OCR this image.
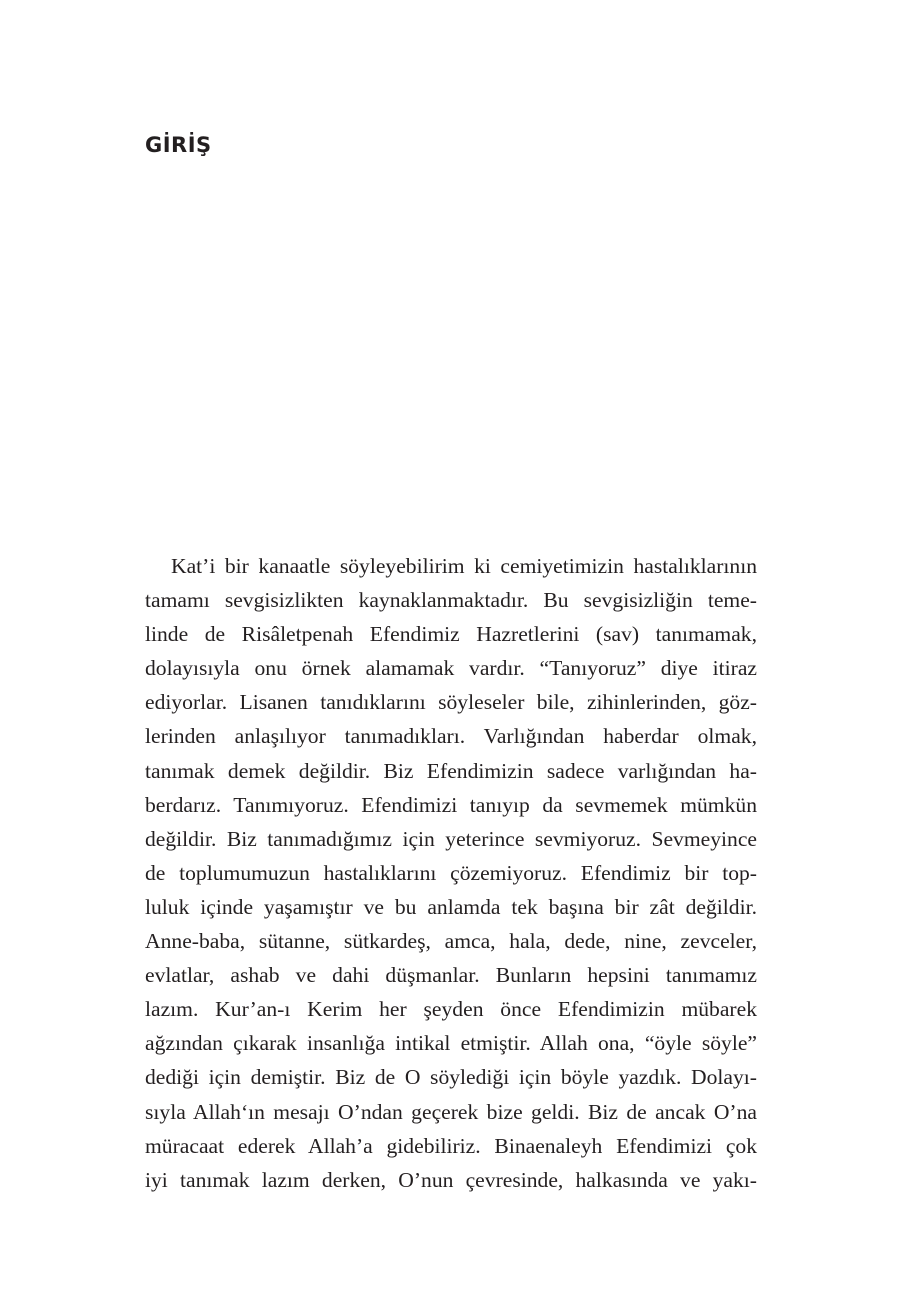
GİRİŞ
Kat’i bir kanaatle söyleyebilirim ki cemiyetimizin hastalıklarının
tamamı sevgisizlikten kaynaklanmaktadır. Bu sevgisizliğin teme-
linde de Risâletpenah Efendimiz Hazretlerini (sav) tanımamak,
dolayısıyla onu örnek alamamak vardır. “Tanıyoruz” diye itiraz
ediyorlar. Lisanen tanıdıklarını söyleseler bile, zihinlerinden, göz-
lerinden anlaşılıyor tanımadıkları. Varlığından haberdar olmak,
tanımak demek değildir. Biz Efendimizin sadece varlığından ha-
berdarız. Tanımıyoruz. Efendimizi tanıyıp da sevmemek mümkün
değildir. Biz tanımadığımız için yeterince sevmiyoruz. Sevmeyince
de toplumumuzun hastalıklarını çözemiyoruz. Efendimiz bir top-
luluk içinde yaşamıştır ve bu anlamda tek başına bir zât değildir.
Anne-baba, sütanne, sütkardeş, amca, hala, dede, nine, zevceler,
evlatlar, ashab ve dahi düşmanlar. Bunların hepsini tanımamız
lazım. Kur’an-ı Kerim her şeyden önce Efendimizin mübarek
ağzından çıkarak insanlığa intikal etmiştir. Allah ona, “öyle söyle”
dediği için demiştir. Biz de O söylediği için böyle yazdık. Dolayı-
sıyla Allah‘ın mesajı O’ndan geçerek bize geldi. Biz de ancak O’na
müracaat ederek Allah’a gidebiliriz. Binaenaleyh Efendimizi çok
iyi tanımak lazım derken, O’nun çevresinde, halkasında ve yakı-
